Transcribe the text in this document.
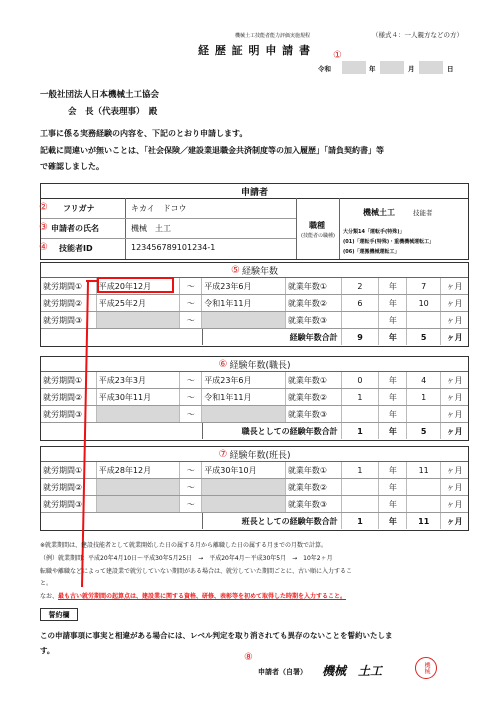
機械土工技能者能力評価実施規程	（様式４：一人親方などの方）
経 歴 証 明 申 請 書 ①
令和	年	月	日
一般社団法人日本機械土工協会
会　長（代表理事）　殿
工事に係る実務経験の内容を、下記のとおり申請します。
記載に間違いが無いことは、「社会保険／建設業退職金共済制度等の加入履歴」「請負契約書」等
で確認しました。
申請者
② フリガナ	キカイ　ドコウ
③ 申請者の氏名	機械　土工
④ 技能者ID	123456789101234-1
職種
(技能者の職種)
機械土工	技能者
大分類14「運転手(特殊)」
(01)「運転手(特殊)・重機機械運転工」
(06)「運搬機械運転工」
⑤ 経験年数
就労期間①	平成20年12月	〜	平成23年6月	就業年数①	2	年	7	ヶ月
就労期間②	平成25年2月	〜	令和1年11月	就業年数②	6	年	10	ヶ月
就労期間③	〜	就業年数③	年	ヶ月
経験年数合計	9	年	5	ヶ月
⑥ 経験年数(職長)
就労期間①	平成23年3月	〜	平成23年6月	就業年数①	0	年	4	ヶ月
就労期間②	平成30年11月	〜	令和1年11月	就業年数②	1	年	1	ヶ月
就労期間③	〜	就業年数③	年	ヶ月
職長としての経験年数合計	1	年	5	ヶ月
⑦ 経験年数(班長)
就労期間①	平成28年12月	〜	平成30年10月	就業年数①	1	年	11	ヶ月
就労期間②	〜	就業年数②	年	ヶ月
就労期間③	〜	就業年数③	年	ヶ月
班長としての経験年数合計	1	年	11	ヶ月
※就業期間は、建設技能者として就業開始した日の属する月から離職した日の属する月までの月数で計算。
（例）就業期間：平成20年4月10日〜平成30年5月25日　→　平成20年4月〜平成30年5月　→　10年2ヶ月
転職や離職などによって建設業で就労していない期間がある場合は、就労していた期間ごとに、古い順に入力するこ
と。
なお、最も古い就労期間の起算点は、建設業に関する資格、研修、表彰等を初めて取得した時期を入力すること。
誓約欄
この申請事項に事実と相違がある場合には、レベル判定を取り消されても異存のないことを誓約いたしま
す。
⑧
申請者（自署） 機械　土工	機械
